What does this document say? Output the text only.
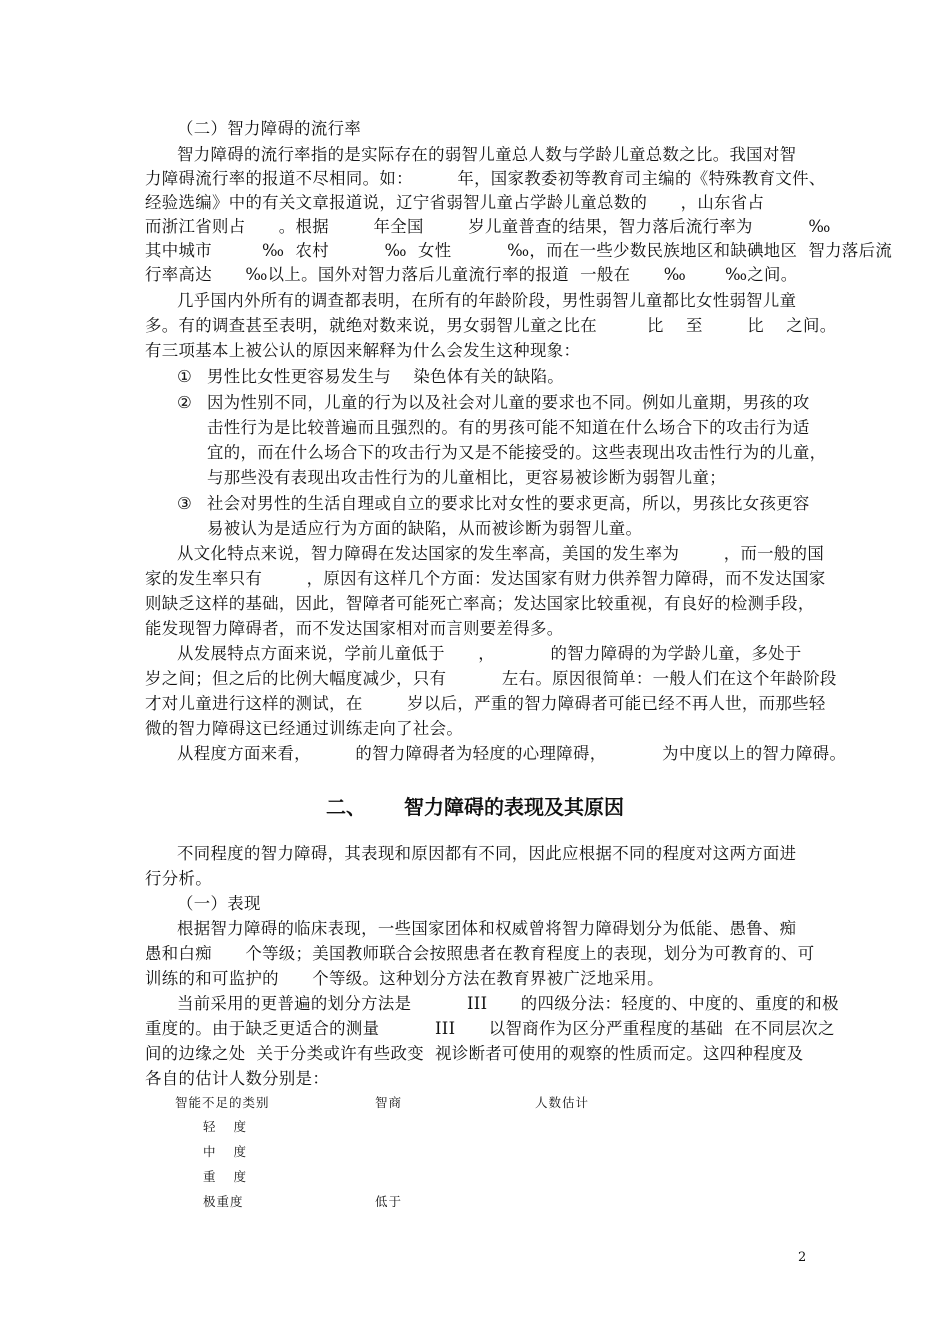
（二）智力障碍的流行率
智力障碍的流行率指的是实际存在的弱智儿童总人数与学龄儿童总数之比。我国对智
力障碍流行率的报道不尽相同。如：        年，国家教委初等教育司主编的《特殊教育文件、
经验选编》中的有关文章报道说，辽宁省弱智儿童占学龄儿童总数的      ，山东省占
而浙江省则占      。根据        年全国        岁儿童普查的结果，智力落后流行率为          ‰
其中城市         ‰  农村          ‰  女性          ‰，而在一些少数民族地区和缺碘地区  智力落后流
行率高达      ‰以上。国外对智力落后儿童流行率的报道  一般在      ‰       ‰之间。
几乎国内外所有的调查都表明，在所有的年龄阶段，男性弱智儿童都比女性弱智儿童
多。有的调查甚至表明，就绝对数来说，男女弱智儿童之比在         比    至        比    之间。
有三项基本上被公认的原因来解释为什么会发生这种现象：
① 男性比女性更容易发生与    染色体有关的缺陷。
② 因为性别不同，儿童的行为以及社会对儿童的要求也不同。例如儿童期，男孩的攻
击性行为是比较普遍而且强烈的。有的男孩可能不知道在什么场合下的攻击行为适
宜的，而在什么场合下的攻击行为又是不能接受的。这些表现出攻击性行为的儿童，
与那些没有表现出攻击性行为的儿童相比，更容易被诊断为弱智儿童；
③ 社会对男性的生活自理或自立的要求比对女性的要求更高，所以，男孩比女孩更容
易被认为是适应行为方面的缺陷，从而被诊断为弱智儿童。
从文化特点来说，智力障碍在发达国家的发生率高，美国的发生率为        ，而一般的国
家的发生率只有        ，原因有这样几个方面：发达国家有财力供养智力障碍，而不发达国家
则缺乏这样的基础，因此，智障者可能死亡率高；发达国家比较重视，有良好的检测手段，
能发现智力障碍者，而不发达国家相对而言则要差得多。
从发展特点方面来说，学前儿童低于      ，          的智力障碍的为学龄儿童，多处于
岁之间；但之后的比例大幅度减少，只有          左右。原因很简单：一般人们在这个年龄阶段
才对儿童进行这样的测试，在        岁以后，严重的智力障碍者可能已经不再人世，而那些轻
微的智力障碍这已经通过训练走向了社会。
从程度方面来看，        的智力障碍者为轻度的心理障碍，          为中度以上的智力障碍。
二、 智力障碍的表现及其原因
不同程度的智力障碍，其表现和原因都有不同，因此应根据不同的程度对这两方面进
行分析。
（一）表现
根据智力障碍的临床表现，一些国家团体和权威曾将智力障碍划分为低能、愚鲁、痴
愚和白痴      个等级；美国教师联合会按照患者在教育程度上的表现，划分为可教育的、可
训练的和可监护的      个等级。这种划分方法在教育界被广泛地采用。
当前采用的更普遍的划分方法是          III      的四级分法：轻度的、中度的、重度的和极
重度的。由于缺乏更适合的测量          III      以智商作为区分严重程度的基础  在不同层次之
间的边缘之处  关于分类或许有些政变  视诊断者可使用的观察的性质而定。这四种程度及
各自的估计人数分别是：
智能不足的类别	智商	人数估计
轻  度
中  度
重  度
极重度	低于
2
